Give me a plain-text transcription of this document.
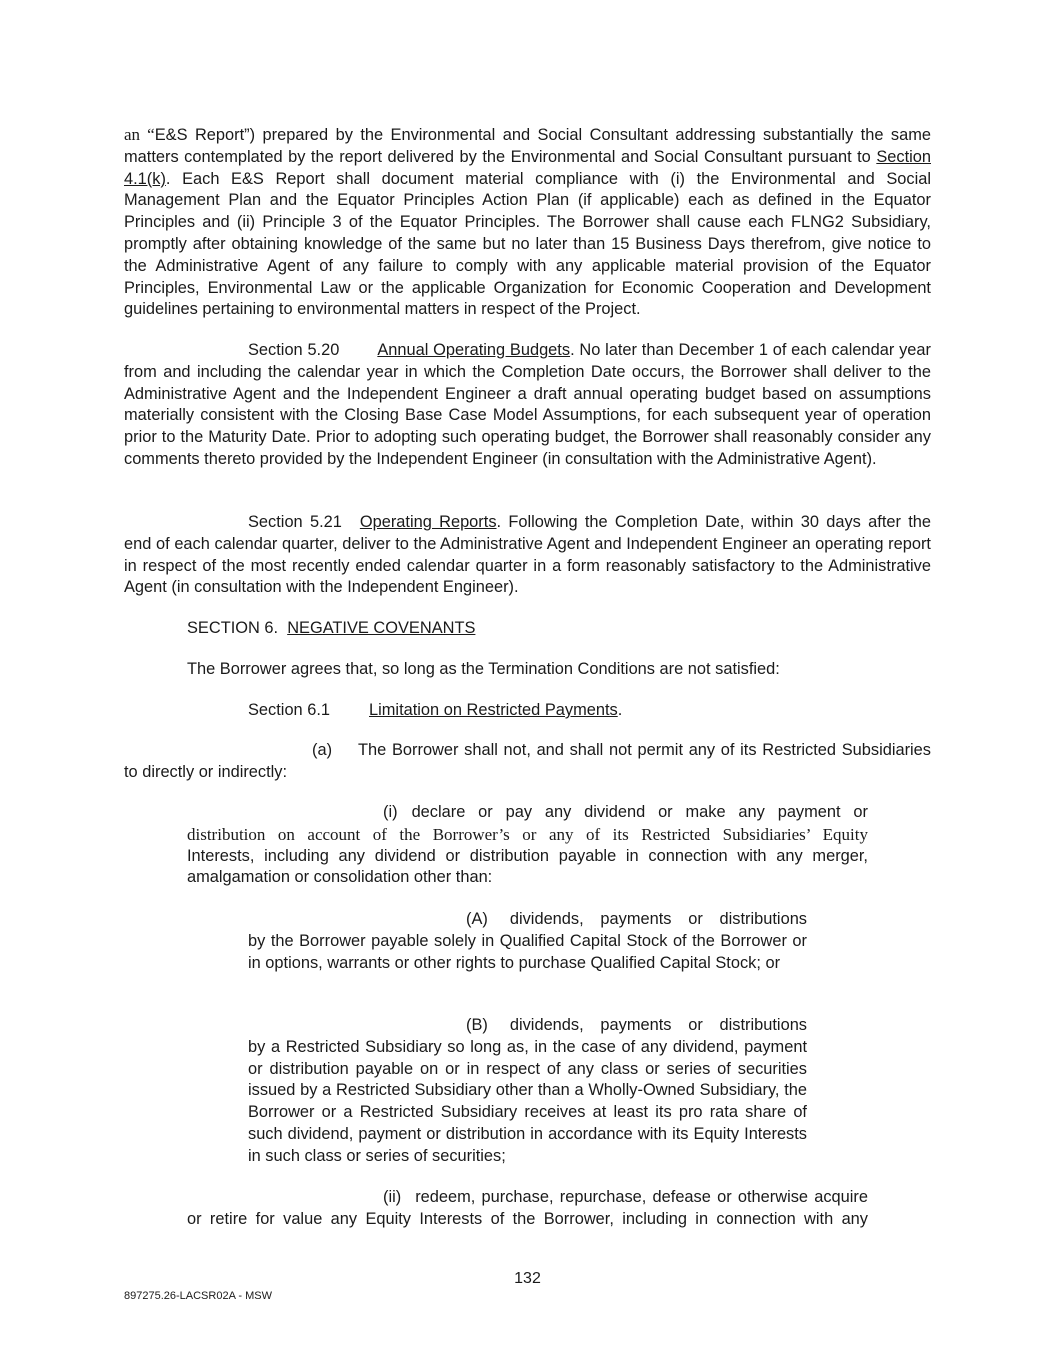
an “E&S Report”) prepared by the Environmental and Social Consultant addressing substantially the same matters contemplated by the report delivered by the Environmental and Social Consultant pursuant to Section 4.1(k). Each E&S Report shall document material compliance with (i) the Environmental and Social Management Plan and the Equator Principles Action Plan (if applicable) each as defined in the Equator Principles and (ii) Principle 3 of the Equator Principles. The Borrower shall cause each FLNG2 Subsidiary, promptly after obtaining knowledge of the same but no later than 15 Business Days therefrom, give notice to the Administrative Agent of any failure to comply with any applicable material provision of the Equator Principles, Environmental Law or the applicable Organization for Economic Cooperation and Development guidelines pertaining to environmental matters in respect of the Project.

Section 5.20 Annual Operating Budgets. No later than December 1 of each calendar year from and including the calendar year in which the Completion Date occurs, the Borrower shall deliver to the Administrative Agent and the Independent Engineer a draft annual operating budget based on assumptions materially consistent with the Closing Base Case Model Assumptions, for each subsequent year of operation prior to the Maturity Date. Prior to adopting such operating budget, the Borrower shall reasonably consider any comments thereto provided by the Independent Engineer (in consultation with the Administrative Agent).

Section 5.21 Operating Reports. Following the Completion Date, within 30 days after the end of each calendar quarter, deliver to the Administrative Agent and Independent Engineer an operating report in respect of the most recently ended calendar quarter in a form reasonably satisfactory to the Administrative Agent (in consultation with the Independent Engineer).

SECTION 6. NEGATIVE COVENANTS

The Borrower agrees that, so long as the Termination Conditions are not satisfied:

Section 6.1 Limitation on Restricted Payments.

(a) The Borrower shall not, and shall not permit any of its Restricted Subsidiaries to directly or indirectly:

(i) declare or pay any dividend or make any payment or
distribution on account of the Borrower’s or any of its Restricted Subsidiaries’ Equity
Interests, including any dividend or distribution payable in connection with any merger, amalgamation or consolidation other than:
(A) dividends, payments or distributions
by the Borrower payable solely in Qualified Capital Stock of the Borrower or in options, warrants or other rights to purchase Qualified Capital Stock; or
(B) dividends, payments or distributions
by a Restricted Subsidiary so long as, in the case of any dividend, payment or distribution payable on or in respect of any class or series of securities issued by a Restricted Subsidiary other than a Wholly-Owned Subsidiary, the Borrower or a Restricted Subsidiary receives at least its pro rata share of such dividend, payment or distribution in accordance with its Equity Interests in such class or series of securities;
(ii) redeem, purchase, repurchase, defease or otherwise acquire
or retire for value any Equity Interests of the Borrower, including in connection with any
132
897275.26-LACSR02A - MSW
